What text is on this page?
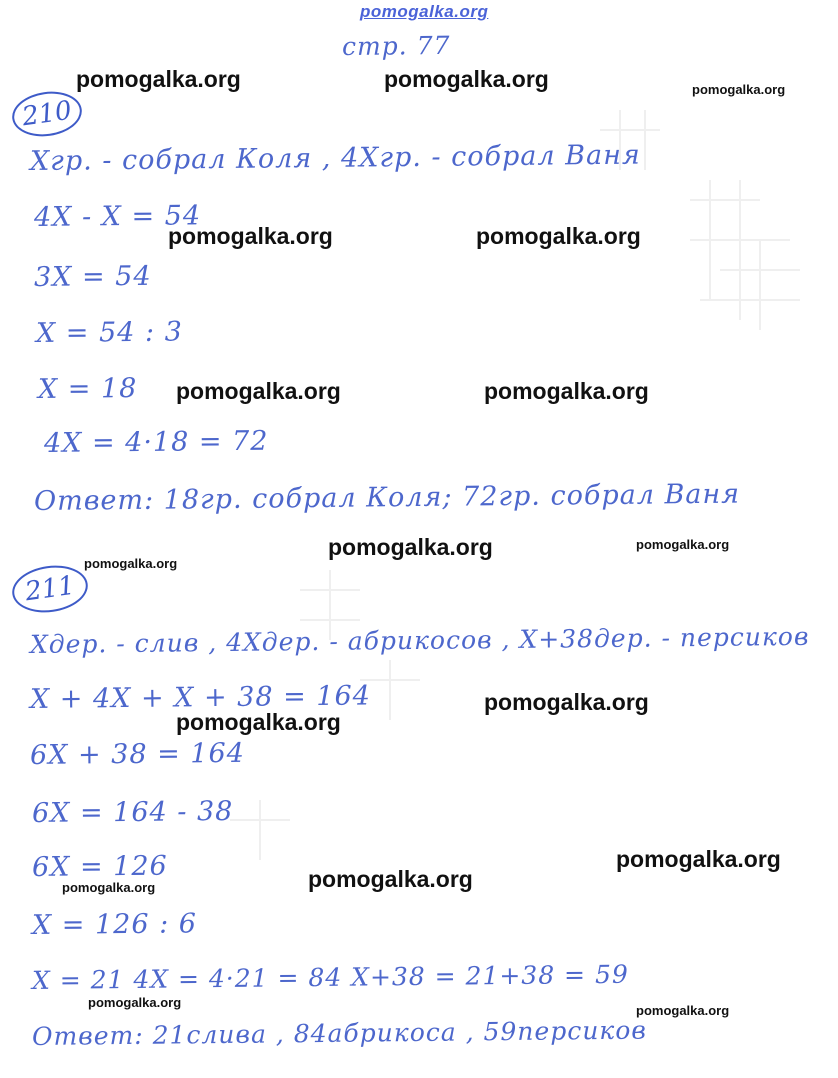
pomogalka.org
стр. 77
210
Хгр. - собрал Коля , 4Хгр. - собрал Ваня
4Х - Х = 54
3Х = 54
Х = 54 : 3
Х = 18
4Х = 4·18 = 72
Ответ: 18гр. собрал Коля; 72гр. собрал Ваня
211
Хдер. - слив , 4Хдер. - абрикосов , Х+38дер. - персиков
Х + 4Х + Х + 38 = 164
6Х + 38 = 164
6Х = 164 - 38
6Х = 126
Х = 126 : 6
Х = 21 4Х = 4·21 = 84 Х+38 = 21+38 = 59
Ответ: 21слива , 84абрикоса , 59персиков
pomogalka.org	pomogalka.org	pomogalka.org
pomogalka.org	pomogalka.org
pomogalka.org	pomogalka.org
pomogalka.org
pomogalka.org	pomogalka.org
pomogalka.org
pomogalka.org
pomogalka.org
pomogalka.org
pomogalka.org
pomogalka.org
pomogalka.org
